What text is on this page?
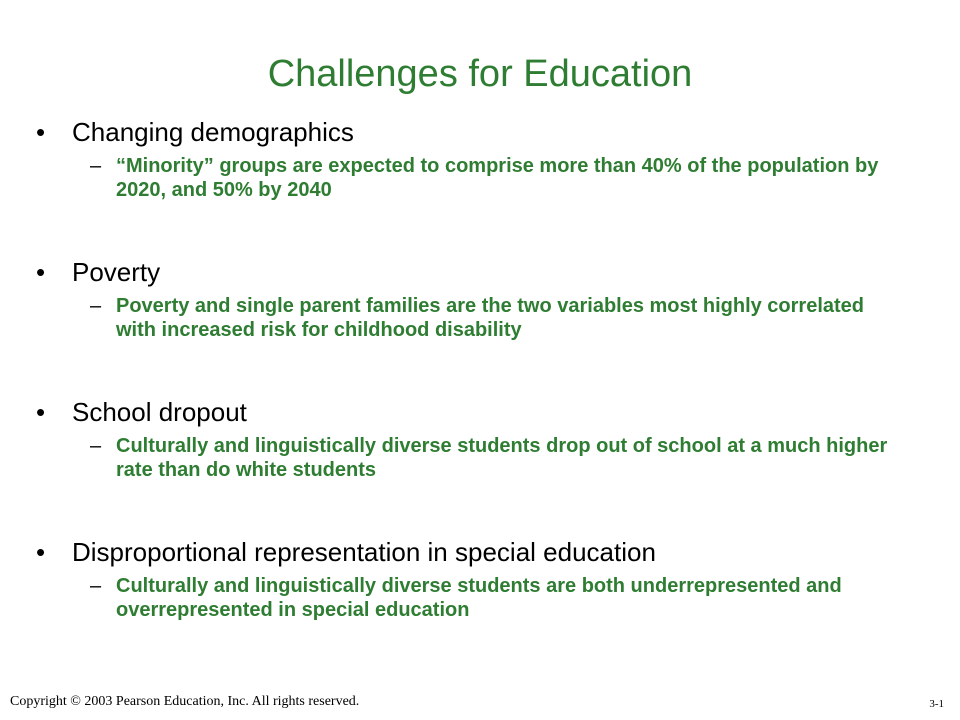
Challenges for Education
•	Changing demographics
– “Minority” groups are expected to comprise more than 40% of the population by 2020, and 50% by 2040
•	Poverty
– Poverty and single parent families are the two variables most highly correlated with increased risk for childhood disability
•	School dropout
– Culturally and linguistically diverse students drop out of school at a much higher rate than do white students
•	Disproportional representation in special education
– Culturally and linguistically diverse students are both underrepresented and overrepresented in special education
Copyright © 2003 Pearson Education, Inc. All rights reserved.	3-1
